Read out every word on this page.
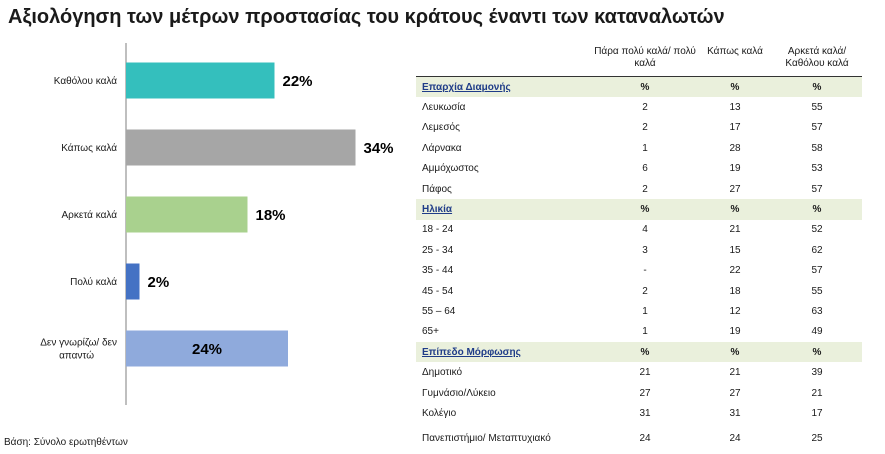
Αξιολόγηση των μέτρων προστασίας του κράτους έναντι των καταναλωτών
Καθόλου καλά	22%
Κάπως καλά	34%
Αρκετά καλά	18%
Πολύ καλά 2%
Δεν γνωρίζω/ δεν απαντώ	24%
	Πάρα πολύ καλά/ πολύ καλά	Κάπως καλά	Αρκετά καλά/ Καθόλου καλά
Επαρχία Διαμονής	%	%	%
Λευκωσία	2	13	55
Λεμεσός	2	17	57
Λάρνακα	1	28	58
Αμμόχωστος	6	19	53
Πάφος	2	27	57
Ηλικία	%	%	%
18 - 24	4	21	52
25 - 34	3	15	62
35 - 44	-	22	57
45 - 54	2	18	55
55 – 64	1	12	63
65+	1	19	49
Επίπεδο Μόρφωσης	%	%	%
Δημοτικό	21	21	39
Γυμνάσιο/Λύκειο	27	27	21
Κολέγιο	31	31	17
Πανεπιστήμιο/ Μεταπτυχιακό	24	24	25
Βάση: Σύνολο ερωτηθέντων
